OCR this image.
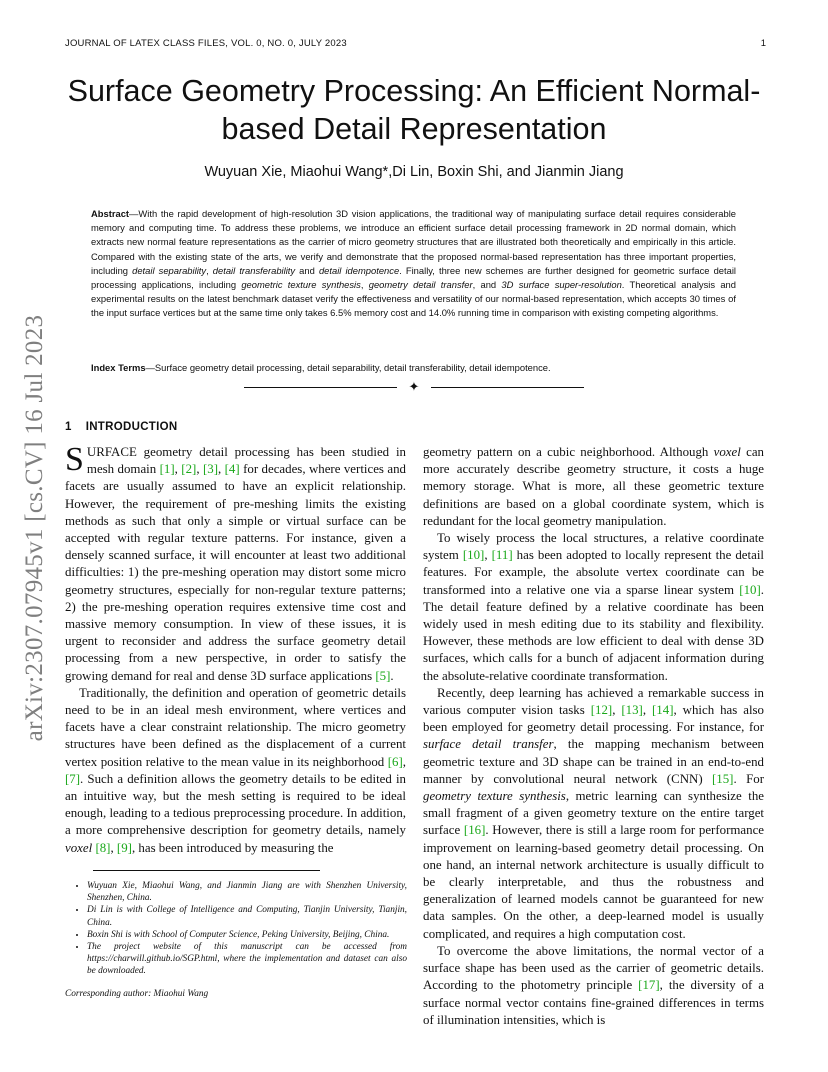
JOURNAL OF LATEX CLASS FILES, VOL. 0, NO. 0, JULY 2023	1
arXiv:2307.07945v1 [cs.CV] 16 Jul 2023
Surface Geometry Processing: An Efficient Normal-based Detail Representation
Wuyuan Xie, Miaohui Wang*,Di Lin, Boxin Shi, and Jianmin Jiang
Abstract—With the rapid development of high-resolution 3D vision applications, the traditional way of manipulating surface detail requires considerable memory and computing time. To address these problems, we introduce an efficient surface detail processing framework in 2D normal domain, which extracts new normal feature representations as the carrier of micro geometry structures that are illustrated both theoretically and empirically in this article. Compared with the existing state of the arts, we verify and demonstrate that the proposed normal-based representation has three important properties, including detail separability, detail transferability and detail idempotence. Finally, three new schemes are further designed for geometric surface detail processing applications, including geometric texture synthesis, geometry detail transfer, and 3D surface super-resolution. Theoretical analysis and experimental results on the latest benchmark dataset verify the effectiveness and versatility of our normal-based representation, which accepts 30 times of the input surface vertices but at the same time only takes 6.5% memory cost and 14.0% running time in comparison with existing competing algorithms.
Index Terms—Surface geometry detail processing, detail separability, detail transferability, detail idempotence.
✦
1 INTRODUCTION

SURFACE geometry detail processing has been studied in mesh domain [1], [2], [3], [4] for decades, where vertices and facets are usually assumed to have an explicit relationship. However, the requirement of pre-meshing limits the existing methods as such that only a simple or virtual surface can be accepted with regular texture patterns. For instance, given a densely scanned surface, it will encounter at least two additional difficulties: 1) the pre-meshing operation may distort some micro geometry structures, especially for non-regular texture patterns; 2) the pre-meshing operation requires extensive time cost and massive memory consumption. In view of these issues, it is urgent to reconsider and address the surface geometry detail processing from a new perspective, in order to satisfy the growing demand for real and dense 3D surface applications [5].

Traditionally, the definition and operation of geometric details need to be in an ideal mesh environment, where vertices and facets have a clear constraint relationship. The micro geometry structures have been defined as the displacement of a current vertex position relative to the mean value in its neighborhood [6], [7]. Such a definition allows the geometry details to be edited in an intuitive way, but the mesh setting is required to be ideal enough, leading to a tedious preprocessing procedure. In addition, a more comprehensive description for geometry details, namely voxel [8], [9], has been introduced by measuring the

geometry pattern on a cubic neighborhood. Although voxel can more accurately describe geometry structure, it costs a huge memory storage. What is more, all these geometric texture definitions are based on a global coordinate system, which is redundant for the local geometry manipulation.

To wisely process the local structures, a relative coordinate system [10], [11] has been adopted to locally represent the detail features. For example, the absolute vertex coordinate can be transformed into a relative one via a sparse linear system [10]. The detail feature defined by a relative coordinate has been widely used in mesh editing due to its stability and flexibility. However, these methods are low efficient to deal with dense 3D surfaces, which calls for a bunch of adjacent information during the absolute-relative coordinate transformation.

Recently, deep learning has achieved a remarkable success in various computer vision tasks [12], [13], [14], which has also been employed for geometry detail processing. For instance, for surface detail transfer, the mapping mechanism between geometric texture and 3D shape can be trained in an end-to-end manner by convolutional neural network (CNN) [15]. For geometry texture synthesis, metric learning can synthesize the small fragment of a given geometry texture on the entire target surface [16]. However, there is still a large room for performance improvement on learning-based geometry detail processing. On one hand, an internal network architecture is usually difficult to be clearly interpretable, and thus the robustness and generalization of learned models cannot be guaranteed for new data samples. On the other, a deep-learned model is usually complicated, and requires a high computation cost.

To overcome the above limitations, the normal vector of a surface shape has been used as the carrier of geometric details. According to the photometry principle [17], the diversity of a surface normal vector contains fine-grained differences in terms of illumination intensities, which is

• Wuyuan Xie, Miaohui Wang, and Jianmin Jiang are with Shenzhen University, Shenzhen, China.
• Di Lin is with College of Intelligence and Computing, Tianjin University, Tianjin, China.
• Boxin Shi is with School of Computer Science, Peking University, Beijing, China.
• The project website of this manuscript can be accessed from https://charwill.github.io/SGP.html, where the implementation and dataset can also be downloaded.
Corresponding author: Miaohui Wang
